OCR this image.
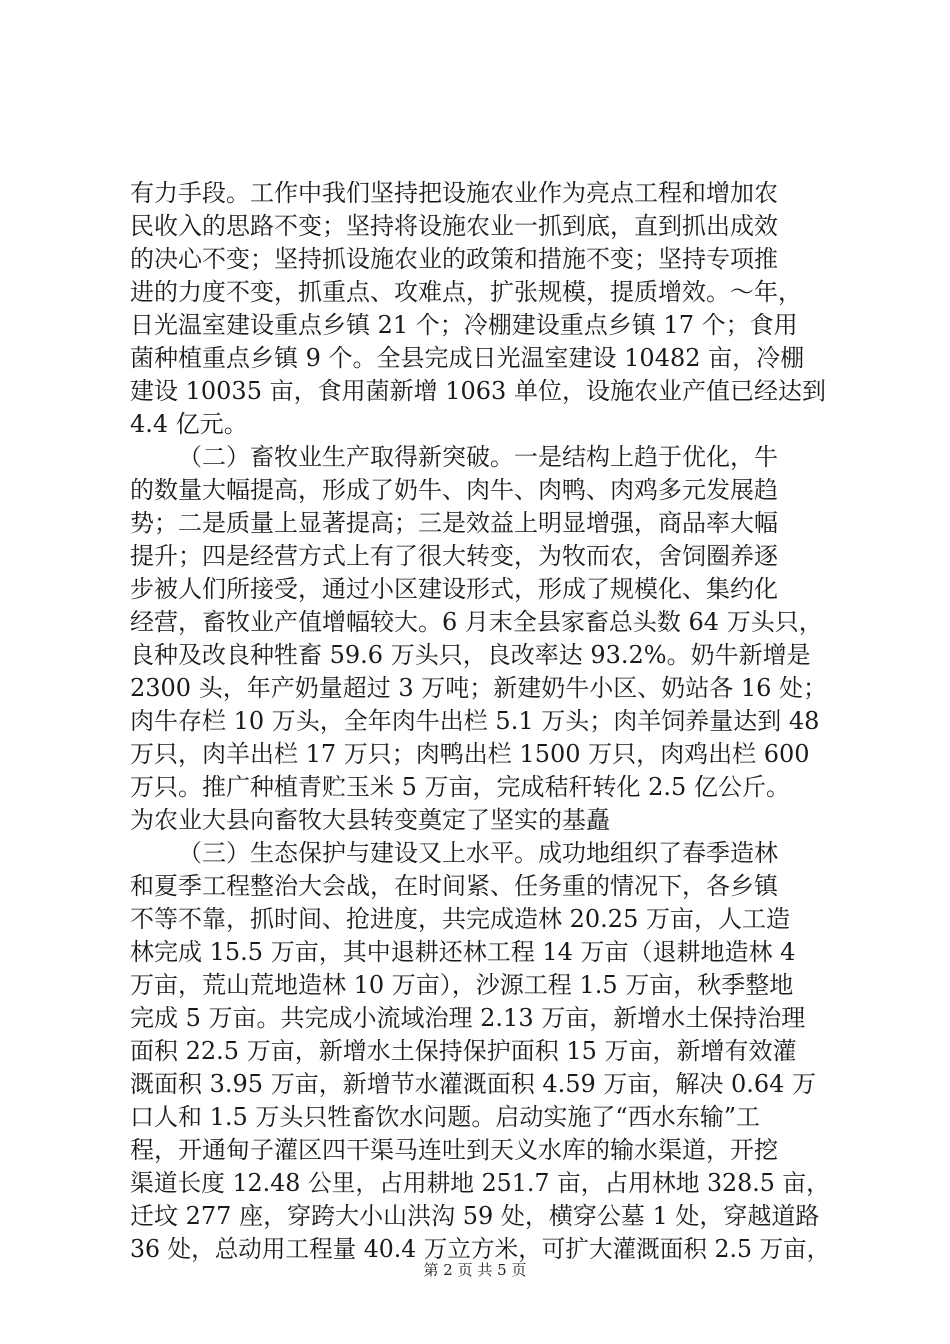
有力手段。工作中我们坚持把设施农业作为亮点工程和增加农
民收入的思路不变；坚持将设施农业一抓到底，直到抓出成效
的决心不变；坚持抓设施农业的政策和措施不变；坚持专项推
进的力度不变，抓重点、攻难点，扩张规模，提质增效。～年，
日光温室建设重点乡镇 21 个；冷棚建设重点乡镇 17 个；食用
菌种植重点乡镇 9 个。全县完成日光温室建设 10482 亩，冷棚
建设 10035 亩，食用菌新增 1063 单位，设施农业产值已经达到
4.4 亿元。
（二）畜牧业生产取得新突破。一是结构上趋于优化，牛
的数量大幅提高，形成了奶牛、肉牛、肉鸭、肉鸡多元发展趋
势；二是质量上显著提高；三是效益上明显增强，商品率大幅
提升；四是经营方式上有了很大转变，为牧而农，舍饲圈养逐
步被人们所接受，通过小区建设形式，形成了规模化、集约化
经营，畜牧业产值增幅较大。6 月末全县家畜总头数 64 万头只，
良种及改良种牲畜 59.6 万头只，良改率达 93.2%。奶牛新增是
2300 头，年产奶量超过 3 万吨；新建奶牛小区、奶站各 16 处；
肉牛存栏 10 万头，全年肉牛出栏 5.1 万头；肉羊饲养量达到 48
万只，肉羊出栏 17 万只；肉鸭出栏 1500 万只，肉鸡出栏 600
万只。推广种植青贮玉米 5 万亩，完成秸秆转化 2.5 亿公斤。
为农业大县向畜牧大县转变奠定了坚实的基矗
（三）生态保护与建设又上水平。成功地组织了春季造林
和夏季工程整治大会战，在时间紧、任务重的情况下，各乡镇
不等不靠，抓时间、抢进度，共完成造林 20.25 万亩，人工造
林完成 15.5 万亩，其中退耕还林工程 14 万亩（退耕地造林 4
万亩，荒山荒地造林 10 万亩），沙源工程 1.5 万亩，秋季整地
完成 5 万亩。共完成小流域治理 2.13 万亩，新增水土保持治理
面积 22.5 万亩，新增水土保持保护面积 15 万亩，新增有效灌
溉面积 3.95 万亩，新增节水灌溉面积 4.59 万亩，解决 0.64 万
口人和 1.5 万头只牲畜饮水问题。启动实施了“西水东输”工
程，开通甸子灌区四干渠马连吐到天义水库的输水渠道，开挖
渠道长度 12.48 公里，占用耕地 251.7 亩，占用林地 328.5 亩，
迁坟 277 座，穿跨大小山洪沟 59 处，横穿公墓 1 处，穿越道路
36 处，总动用工程量 40.4 万立方米，可扩大灌溉面积 2.5 万亩，
第 2 页 共 5 页
